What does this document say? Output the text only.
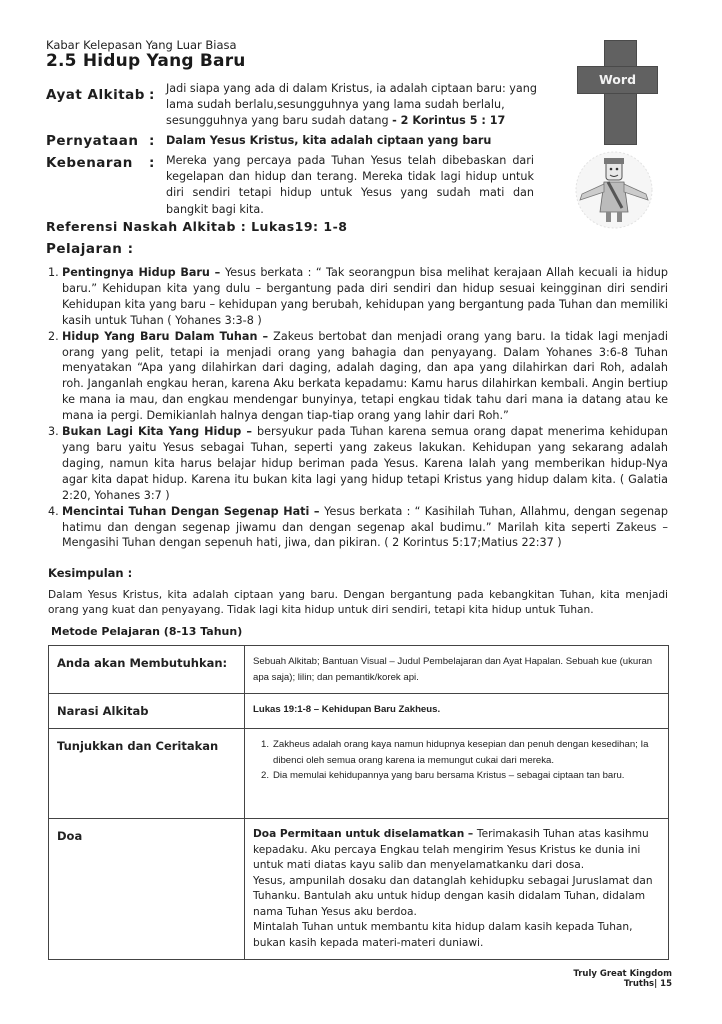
Kabar Kelepasan Yang Luar Biasa
2.5 Hidup Yang Baru
Word
Ayat Alkitab : Jadi siapa yang ada di dalam Kristus, ia adalah ciptaan baru: yang lama sudah berlalu,sesungguhnya yang lama sudah berlalu, sesungguhnya yang baru sudah datang - 2 Korintus 5 : 17
Pernyataan : Dalam Yesus Kristus, kita adalah ciptaan yang baru
Kebenaran : Mereka yang percaya pada Tuhan Yesus telah dibebaskan dari kegelapan dan hidup dan terang. Mereka tidak lagi hidup untuk diri sendiri tetapi hidup untuk Yesus yang sudah mati dan bangkit bagi kita.
Referensi Naskah Alkitab : Lukas19: 1-8
Pelajaran :
1. Pentingnya Hidup Baru – Yesus berkata : “ Tak seorangpun bisa melihat kerajaan Allah kecuali ia hidup baru.” Kehidupan kita yang dulu – bergantung pada diri sendiri dan hidup sesuai keingginan diri sendiri Kehidupan kita yang baru – kehidupan yang berubah, kehidupan yang bergantung pada Tuhan dan memiliki kasih untuk Tuhan ( Yohanes 3:3-8 )
2. Hidup Yang Baru Dalam Tuhan – Zakeus bertobat dan menjadi orang yang baru. Ia tidak lagi menjadi orang yang pelit, tetapi ia menjadi orang yang bahagia dan penyayang. Dalam Yohanes 3:6-8 Tuhan menyatakan “Apa yang dilahirkan dari daging, adalah daging, dan apa yang dilahirkan dari Roh, adalah roh. Janganlah engkau heran, karena Aku berkata kepadamu: Kamu harus dilahirkan kembali. Angin bertiup ke mana ia mau, dan engkau mendengar bunyinya, tetapi engkau tidak tahu dari mana ia datang atau ke mana ia pergi. Demikianlah halnya dengan tiap-tiap orang yang lahir dari Roh.”
3. Bukan Lagi Kita Yang Hidup – bersyukur pada Tuhan karena semua orang dapat menerima kehidupan yang baru yaitu Yesus sebagai Tuhan, seperti yang zakeus lakukan. Kehidupan yang sekarang adalah daging, namun kita harus belajar hidup beriman pada Yesus. Karena Ialah yang memberikan hidup-Nya agar kita dapat hidup. Karena itu bukan kita lagi yang hidup tetapi Kristus yang hidup dalam kita. ( Galatia 2:20, Yohanes 3:7 )
4. Mencintai Tuhan Dengan Segenap Hati – Yesus berkata : “ Kasihilah Tuhan, Allahmu, dengan segenap hatimu dan dengan segenap jiwamu dan dengan segenap akal budimu.” Marilah kita seperti Zakeus – Mengasihi Tuhan dengan sepenuh hati, jiwa, dan pikiran. ( 2 Korintus 5:17;Matius 22:37 )
Kesimpulan :
Dalam Yesus Kristus, kita adalah ciptaan yang baru. Dengan bergantung pada kebangkitan Tuhan, kita menjadi orang yang kuat dan penyayang. Tidak lagi kita hidup untuk diri sendiri, tetapi kita hidup untuk Tuhan.
Metode Pelajaran (8-13 Tahun)
Anda akan Membutuhkan:	Sebuah Alkitab; Bantuan Visual – Judul Pembelajaran dan Ayat Hapalan. Sebuah kue (ukuran apa saja); lilin; dan pemantik/korek api.
Narasi Alkitab	Lukas 19:1-8 – Kehidupan Baru Zakheus.
Tunjukkan dan Ceritakan	1. Zakheus adalah orang kaya namun hidupnya kesepian dan penuh dengan kesedihan; Ia dibenci oleh semua orang karena ia memungut cukai dari mereka.
2. Dia memulai kehidupannya yang baru bersama Kristus – sebagai ciptaan tan baru.

Doa	Doa Permitaan untuk diselamatkan – Terimakasih Tuhan atas kasihmu kepadaku. Aku percaya Engkau telah mengirim Yesus Kristus ke dunia ini untuk mati diatas kayu salib dan menyelamatkanku dari dosa.
Yesus, ampunilah dosaku dan datanglah kehidupku sebagai Juruslamat dan Tuhanku. Bantulah aku untuk hidup dengan kasih didalam Tuhan, didalam nama Tuhan Yesus aku berdoa.
Mintalah Tuhan untuk membantu kita hidup dalam kasih kepada Tuhan, bukan kasih kepada materi-materi duniawi.
Truly Great Kingdom Truths| 15
